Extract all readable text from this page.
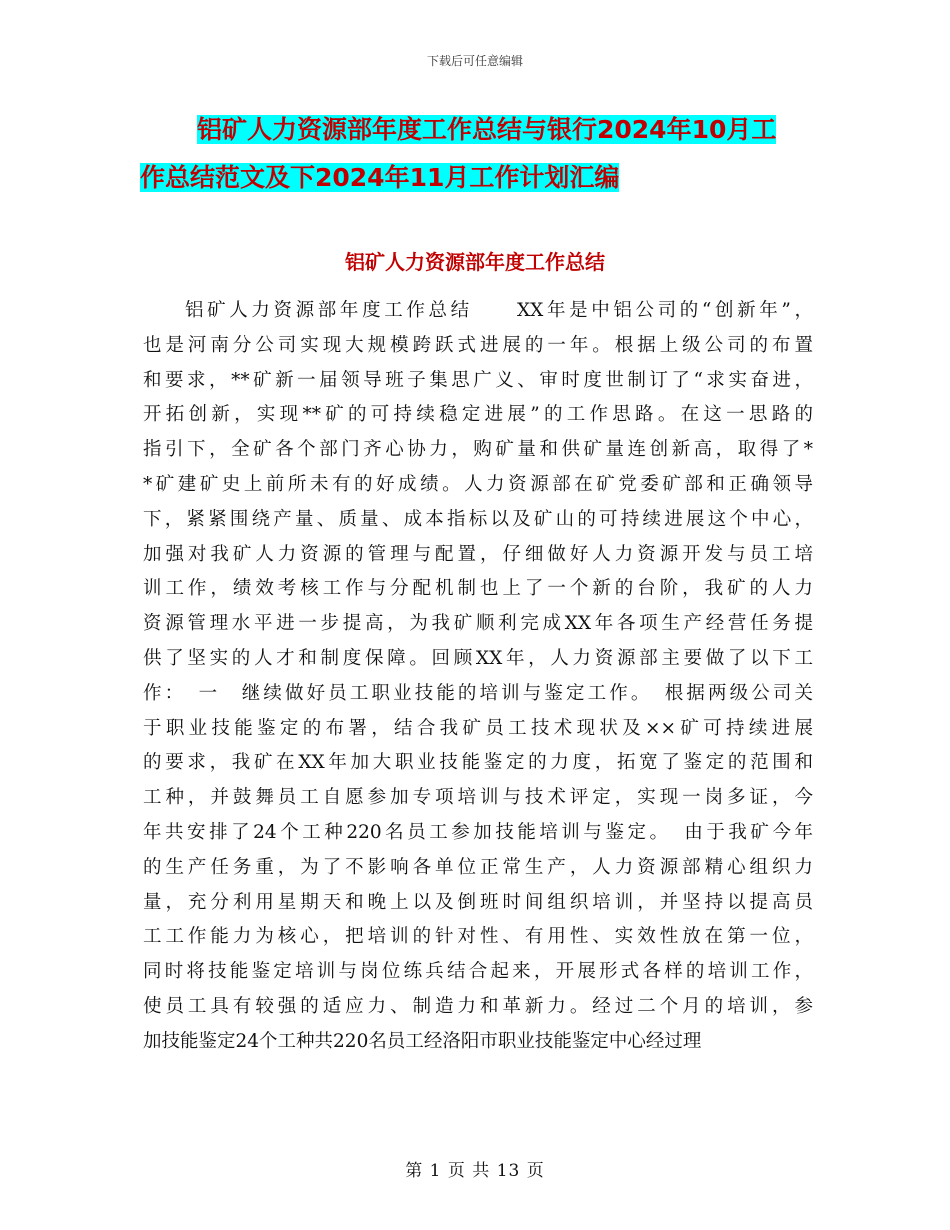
下载后可任意编辑
铝矿人力资源部年度工作总结与银行2024年10月工
作总结范文及下2024年11月工作计划汇编
铝矿人力资源部年度工作总结
铝矿人力资源部年度工作总结　　XX年是中铝公司的“创新年”，
也是河南分公司实现大规模跨跃式进展的一年。根据上级公司的布置
和要求，**矿新一届领导班子集思广义、审时度世制订了“求实奋进，
开拓创新，实现**矿的可持续稳定进展”的工作思路。在这一思路的
指引下，全矿各个部门齐心协力，购矿量和供矿量连创新高，取得了*
*矿建矿史上前所未有的好成绩。人力资源部在矿党委矿部和正确领导
下，紧紧围绕产量、质量、成本指标以及矿山的可持续进展这个中心，
加强对我矿人力资源的管理与配置，仔细做好人力资源开发与员工培
训工作，绩效考核工作与分配机制也上了一个新的台阶，我矿的人力
资源管理水平进一步提高，为我矿顺利完成XX年各项生产经营任务提
供了坚实的人才和制度保障。回顾XX年，人力资源部主要做了以下工
作：　一　继续做好员工职业技能的培训与鉴定工作。　根据两级公司关
于职业技能鉴定的布署，结合我矿员工技术现状及××矿可持续进展
的要求，我矿在XX年加大职业技能鉴定的力度，拓宽了鉴定的范围和
工种，并鼓舞员工自愿参加专项培训与技术评定，实现一岗多证，今
年共安排了24个工种220名员工参加技能培训与鉴定。　由于我矿今年
的生产任务重，为了不影响各单位正常生产，人力资源部精心组织力
量，充分利用星期天和晚上以及倒班时间组织培训，并坚持以提高员
工工作能力为核心，把培训的针对性、有用性、实效性放在第一位，
同时将技能鉴定培训与岗位练兵结合起来，开展形式各样的培训工作，
使员工具有较强的适应力、制造力和革新力。经过二个月的培训，参
加技能鉴定24个工种共220名员工经洛阳市职业技能鉴定中心经过理
第 1 页 共 13 页
